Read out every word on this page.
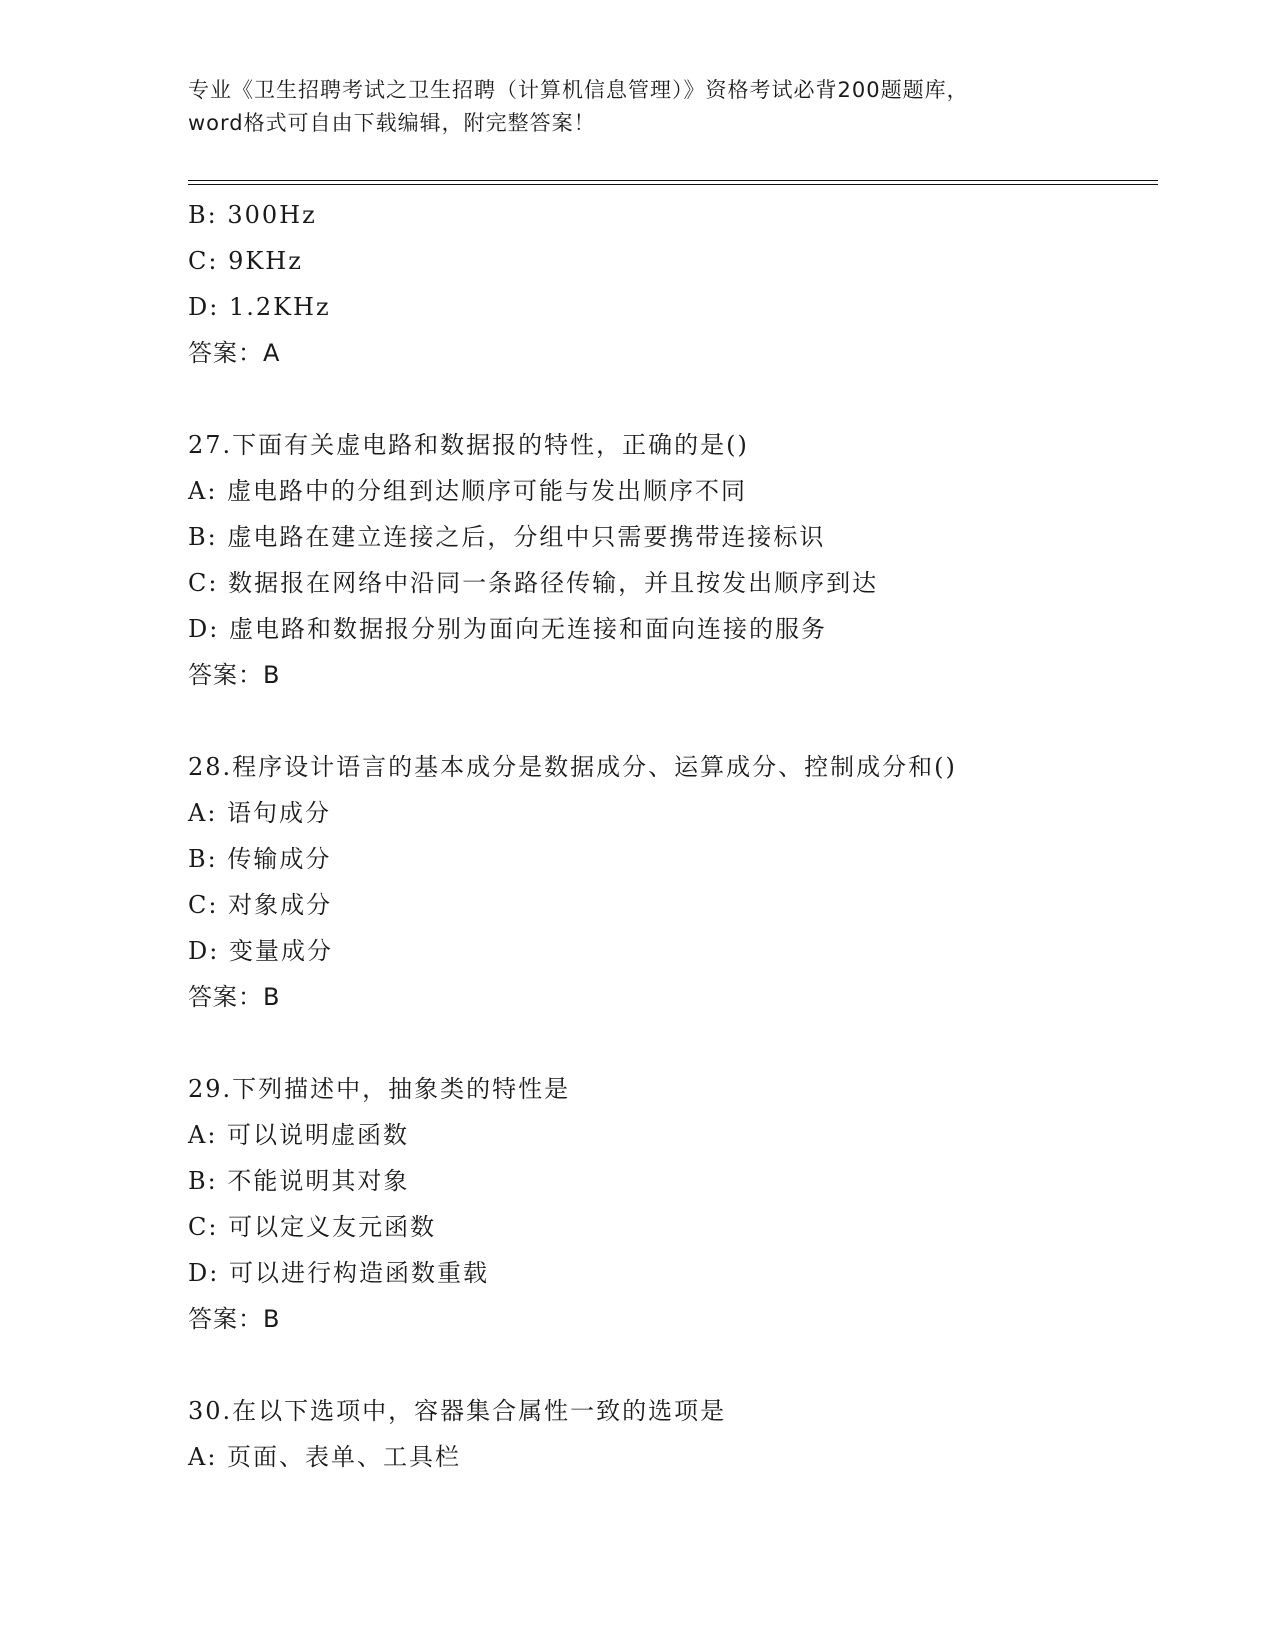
专业《卫生招聘考试之卫生招聘（计算机信息管理）》资格考试必背200题题库，
word格式可自由下载编辑，附完整答案！
B: 300Hz
C: 9KHz
D: 1.2KHz
答案：A
27.下面有关虚电路和数据报的特性，正确的是()
A: 虚电路中的分组到达顺序可能与发出顺序不同
B: 虚电路在建立连接之后，分组中只需要携带连接标识
C: 数据报在网络中沿同一条路径传输，并且按发出顺序到达
D: 虚电路和数据报分别为面向无连接和面向连接的服务
答案：B
28.程序设计语言的基本成分是数据成分、运算成分、控制成分和()
A: 语句成分
B: 传输成分
C: 对象成分
D: 变量成分
答案：B
29.下列描述中，抽象类的特性是
A: 可以说明虚函数
B: 不能说明其对象
C: 可以定义友元函数
D: 可以进行构造函数重载
答案：B
30.在以下选项中，容器集合属性一致的选项是
A: 页面、表单、工具栏
